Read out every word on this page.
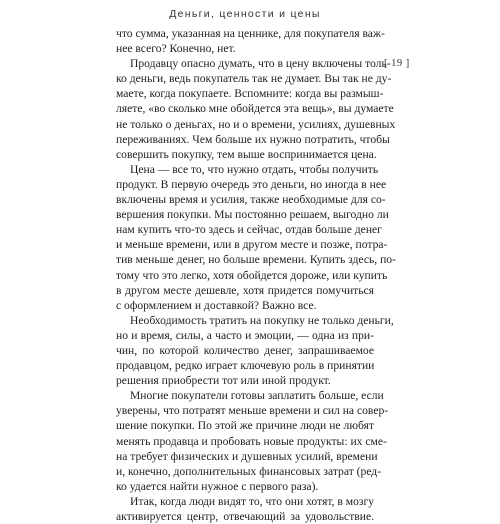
Деньги, ценности и цены
[ 19 ]

что сумма, указанная на ценнике, для покупателя важ-
нее всего? Конечно, нет.

Продавцу опасно думать, что в цену включены толь-
ко деньги, ведь покупатель так не думает. Вы так не ду-
маете, когда покупаете. Вспомните: когда вы размыш-
ляете, «во сколько мне обойдется эта вещь», вы думаете
не только о деньгах, но и о времени, усилиях, душевных
переживаниях. Чем больше их нужно потратить, чтобы
совершить покупку, тем выше воспринимается цена.

Цена — все то, что нужно отдать, чтобы получить
продукт. В первую очередь это деньги, но иногда в нее
включены время и усилия, также необходимые для со-
вершения покупки. Мы постоянно решаем, выгодно ли
нам купить что-то здесь и сейчас, отдав больше денег
и меньше времени, или в другом месте и позже, потра-
тив меньше денег, но больше времени. Купить здесь, по-
тому что это легко, хотя обойдется дороже, или купить
в другом месте дешевле, хотя придется помучиться
с оформлением и доставкой? Важно все.

Необходимость тратить на покупку не только деньги,
но и время, силы, а часто и эмоции, — одна из при-
чин, по которой количество денег, запрашиваемое
продавцом, редко играет ключевую роль в принятии
решения приобрести тот или иной продукт.

Многие покупатели готовы заплатить больше, если
уверены, что потратят меньше времени и сил на совер-
шение покупки. По этой же причине люди не любят
менять продавца и пробовать новые продукты: их сме-
на требует физических и душевных усилий, времени
и, конечно, дополнительных финансовых затрат (ред-
ко удается найти нужное с первого раза).

Итак, когда люди видят то, что они хотят, в мозгу
активируется центр, отвечающий за удовольствие.
